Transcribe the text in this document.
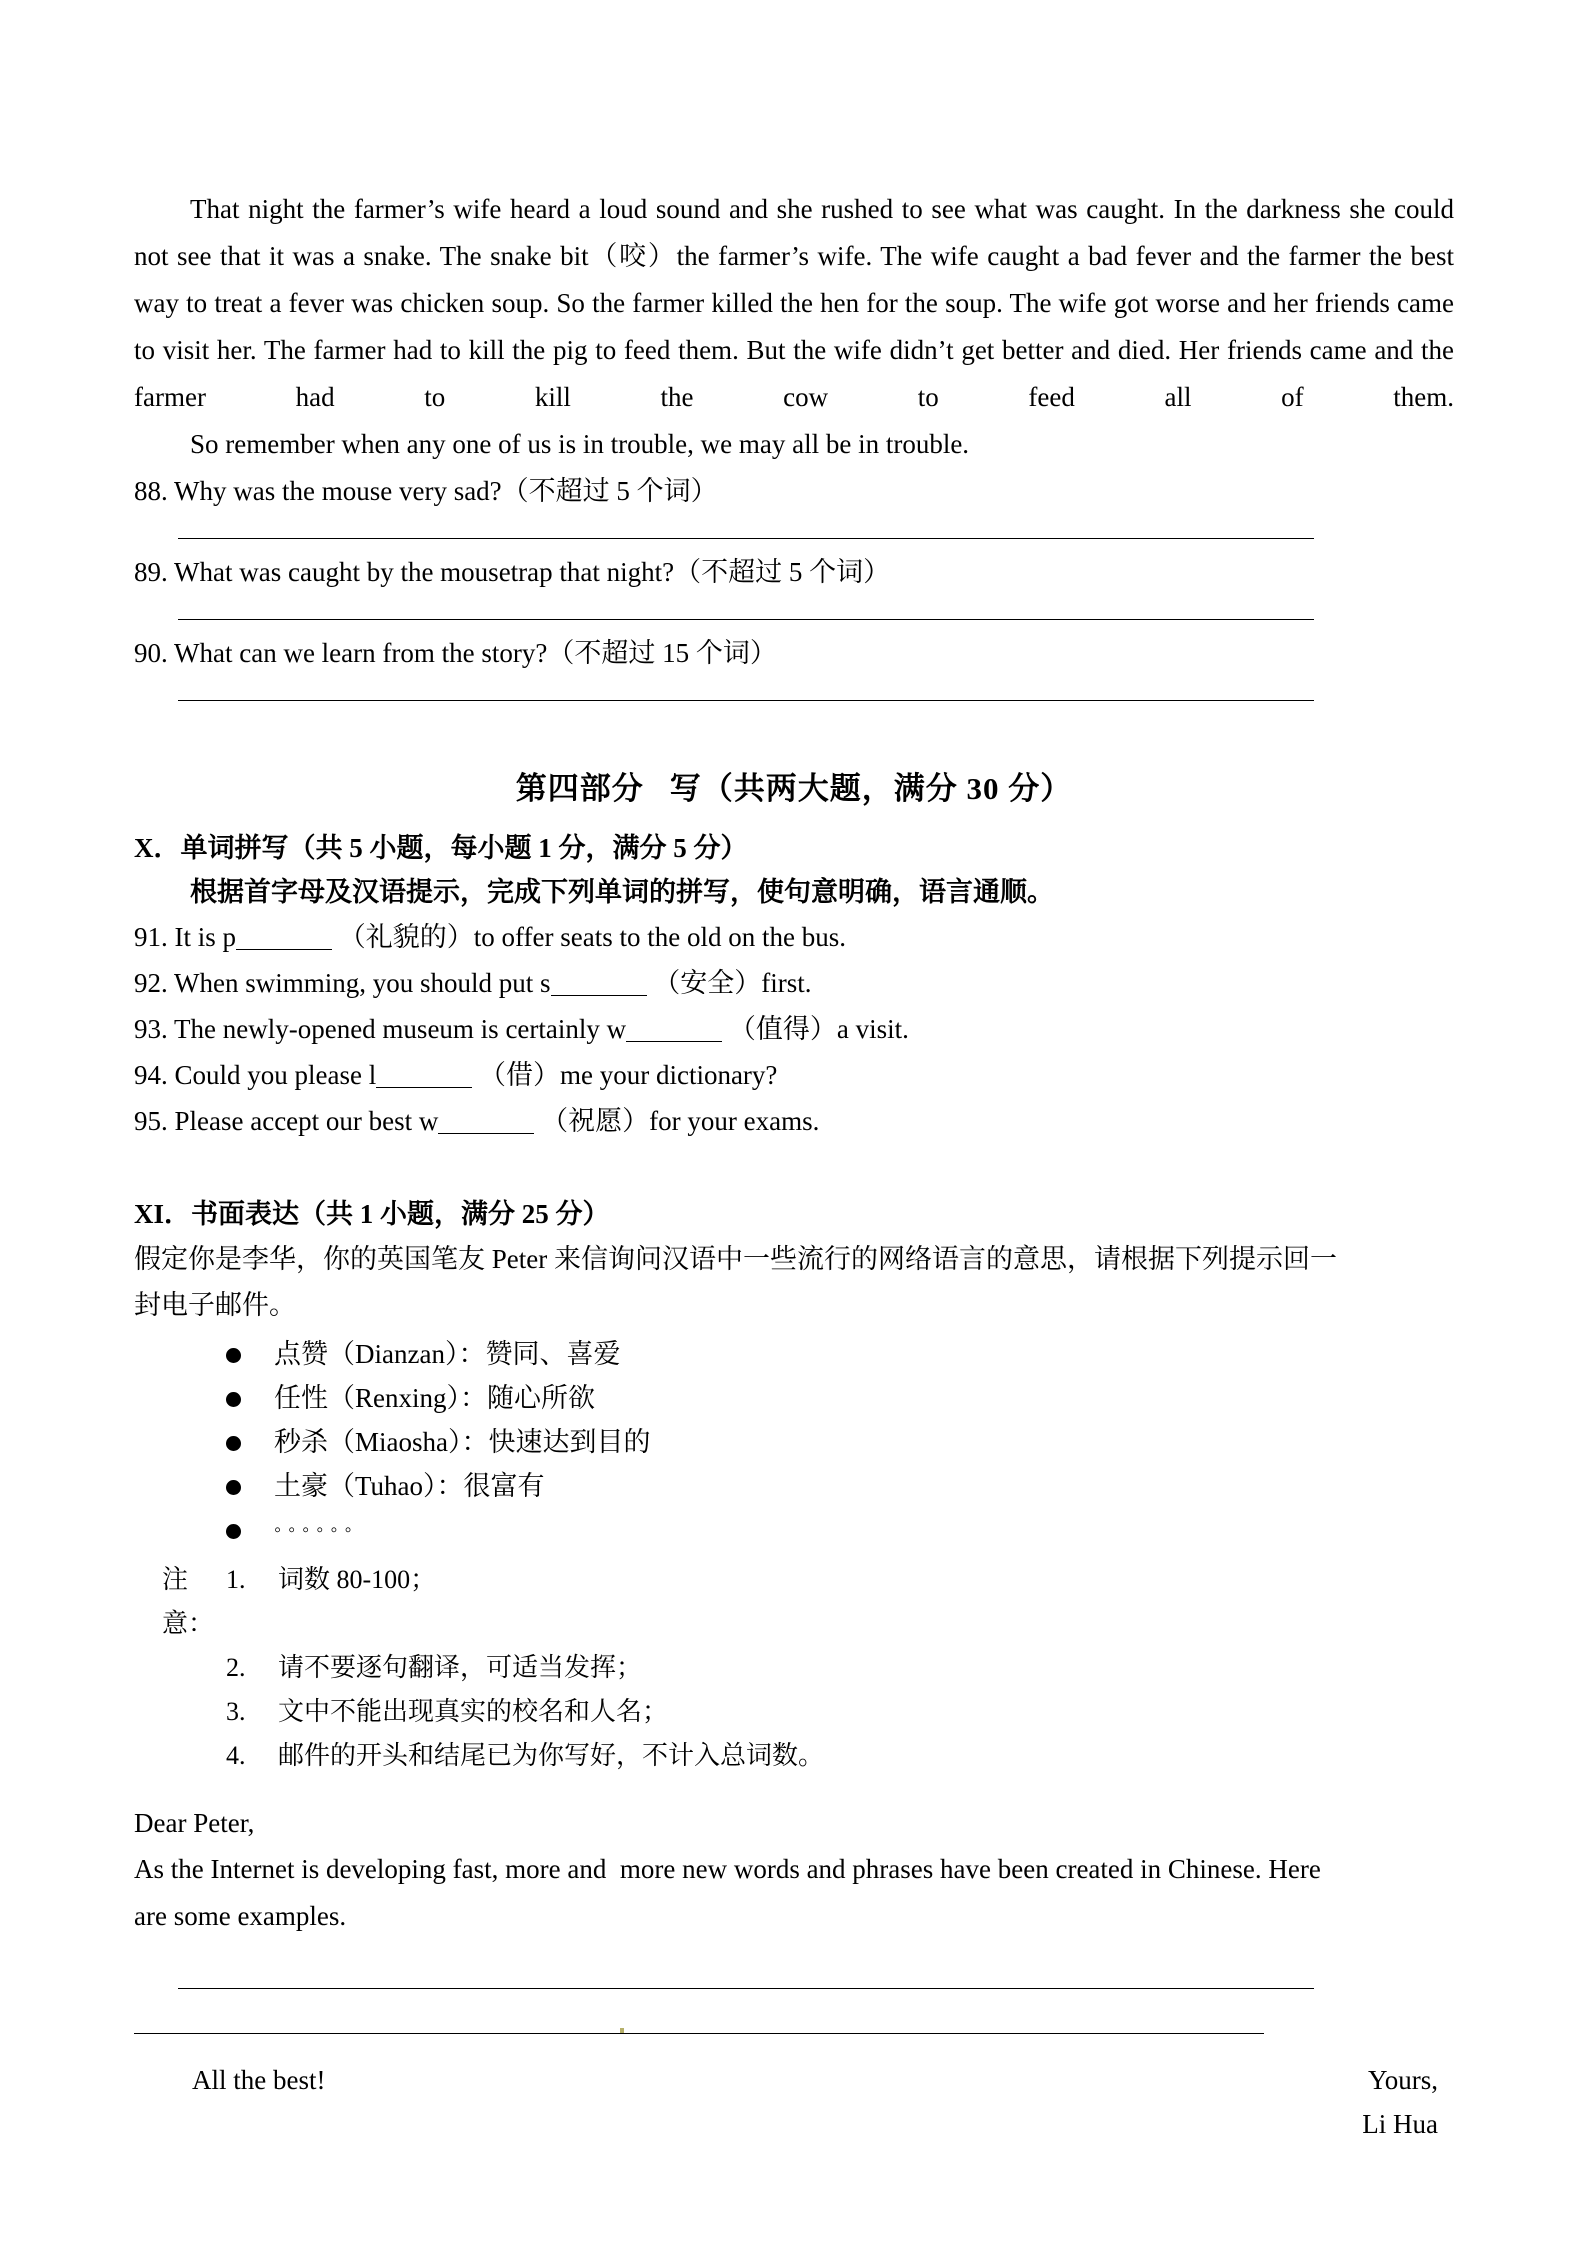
That night the farmer’s wife heard a loud sound and she rushed to see what was caught. In the darkness she could not see that it was a snake. The snake bit（咬）the farmer’s wife. The wife caught a bad fever and the farmer the best way to treat a fever was chicken soup. So the farmer killed the hen for the soup. The wife got worse and her friends came to visit her. The farmer had to kill the pig to feed them. But the wife didn’t get better and died. Her friends came and the farmer had to kill the cow to feed all of them.

So remember when any one of us is in trouble, we may all be in trouble.

88. Why was the mouse very sad?（不超过 5 个词）

89. What was caught by the mousetrap that night?（不超过 5 个词）

90. What can we learn from the story?（不超过 15 个词）

第四部分 写（共两大题，满分 30 分）

X．单词拼写（共 5 小题，每小题 1 分，满分 5 分）

根据首字母及汉语提示，完成下列单词的拼写，使句意明确，语言通顺。

91. It is p	（礼貌的）to offer seats to the old on the bus.

92. When swimming, you should put s	（安全）first.

93. The newly-opened museum is certainly w	（值得）a visit.

94. Could you please l	（借）me your dictionary?

95. Please accept our best w	（祝愿）for your exams.

XI．书面表达（共 1 小题，满分 25 分）

假定你是李华，你的英国笔友 Peter 来信询问汉语中一些流行的网络语言的意思，请根据下列提示回一

封电子邮件。

点赞（Dianzan）：赞同、喜爱
任性（Renxing）：随心所欲
秒杀（Miaosha）：快速达到目的
土豪（Tuhao）：很富有
◦◦◦◦◦◦
注意：
1.	词数 80-100；
2.	请不要逐句翻译，可适当发挥；
3.	文中不能出现真实的校名和人名；
4.	邮件的开头和结尾已为你写好，不计入总词数。

Dear Peter,

As the Internet is developing fast, more and  more new words and phrases have been created in Chinese. Here

are some examples.

All the best!	Yours,
Li Hua
